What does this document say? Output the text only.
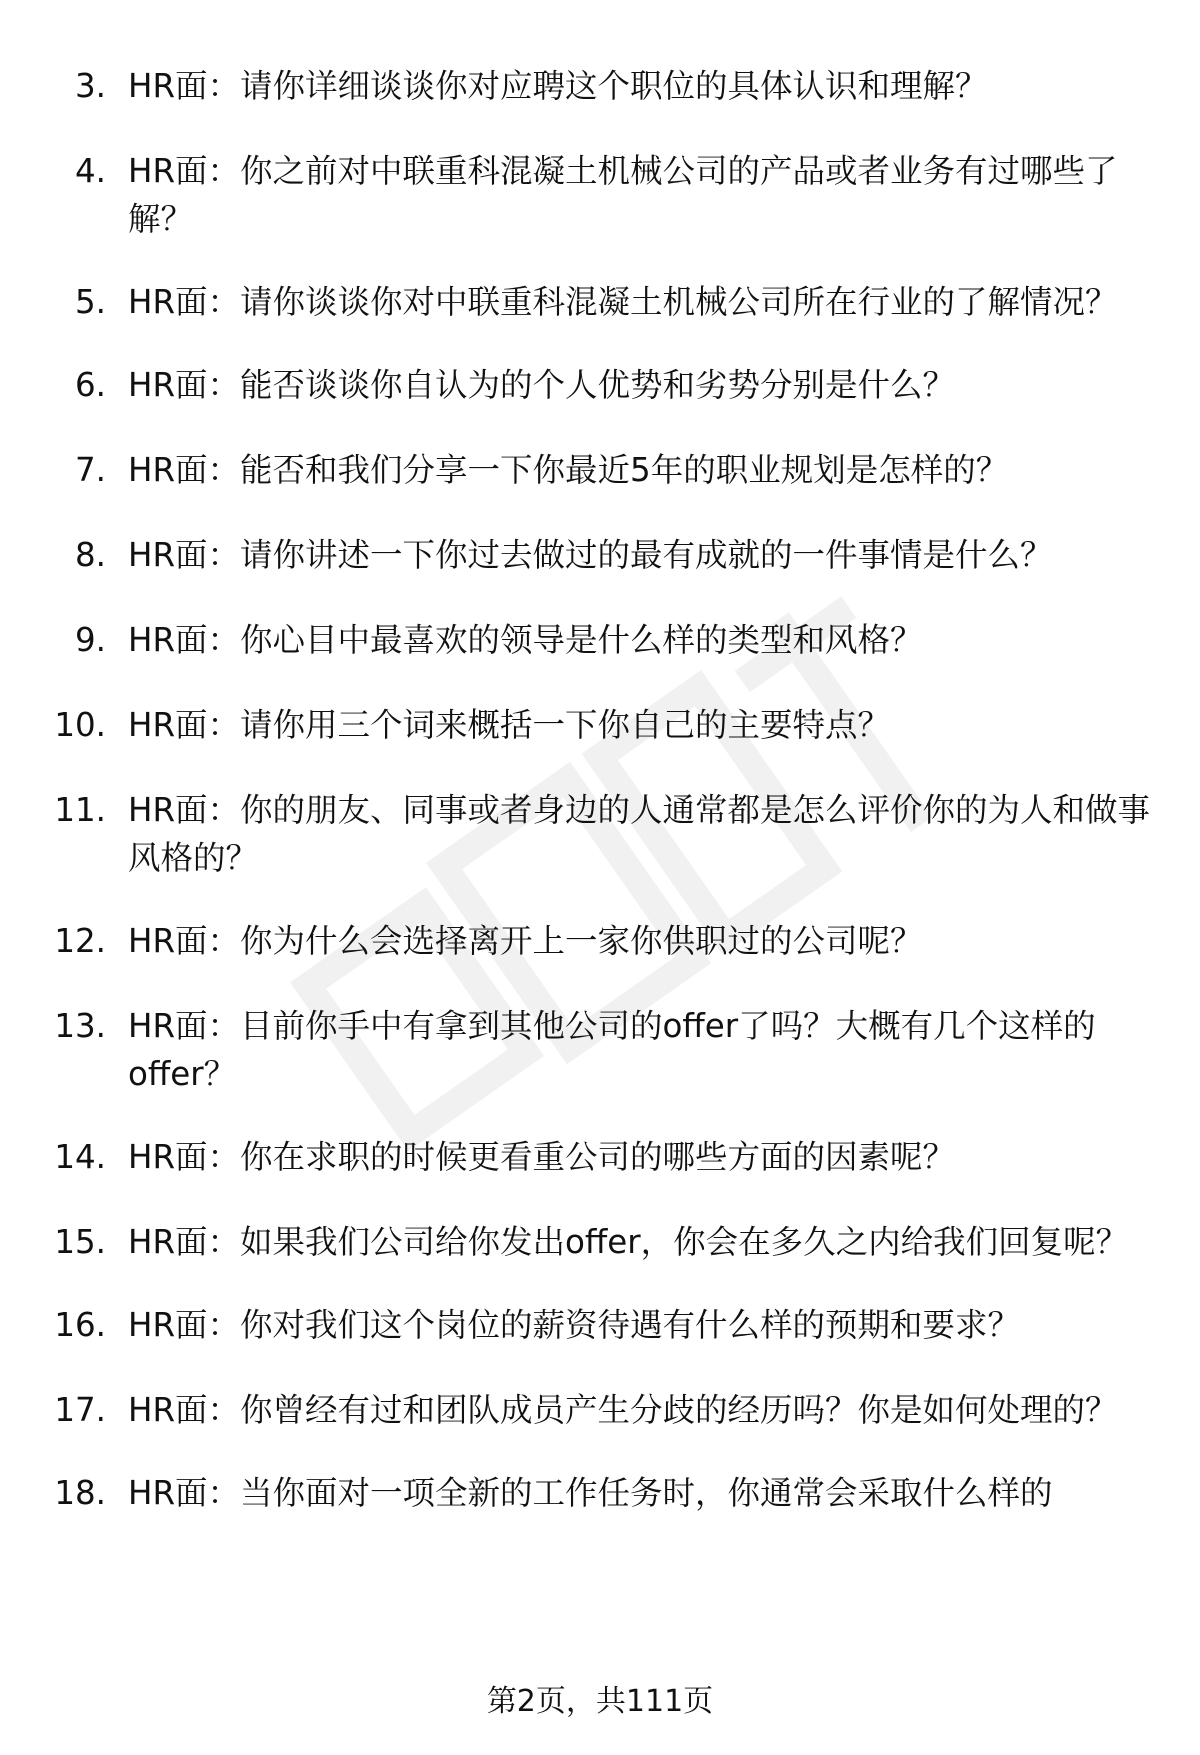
3. HR面：请你详细谈谈你对应聘这个职位的具体认识和理解？
4. HR面：你之前对中联重科混凝土机械公司的产品或者业务有过哪些了解？
5. HR面：请你谈谈你对中联重科混凝土机械公司所在行业的了解情况？
6. HR面：能否谈谈你自认为的个人优势和劣势分别是什么？
7. HR面：能否和我们分享一下你最近5年的职业规划是怎样的？
8. HR面：请你讲述一下你过去做过的最有成就的一件事情是什么？
9. HR面：你心目中最喜欢的领导是什么样的类型和风格？
10. HR面：请你用三个词来概括一下你自己的主要特点？
11. HR面：你的朋友、同事或者身边的人通常都是怎么评价你的为人和做事风格的？
12. HR面：你为什么会选择离开上一家你供职过的公司呢？
13. HR面：目前你手中有拿到其他公司的offer了吗？大概有几个这样的offer？
14. HR面：你在求职的时候更看重公司的哪些方面的因素呢？
15. HR面：如果我们公司给你发出offer，你会在多久之内给我们回复呢？
16. HR面：你对我们这个岗位的薪资待遇有什么样的预期和要求？
17. HR面：你曾经有过和团队成员产生分歧的经历吗？你是如何处理的？
18. HR面：当你面对一项全新的工作任务时，你通常会采取什么样的
第2页，共111页
